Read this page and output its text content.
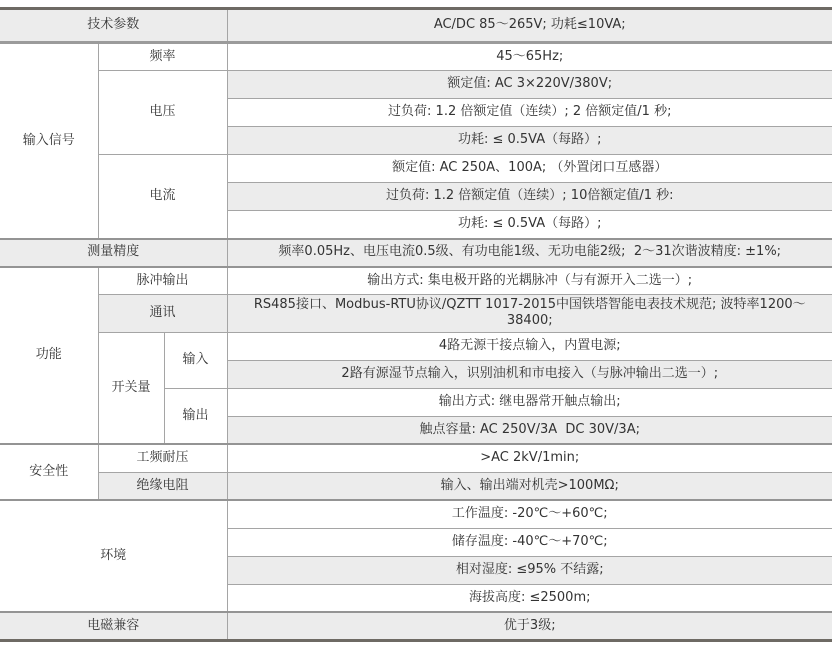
技术参数			AC/DC 85～265V; 功耗≤10VA;
输入信号	频率		45～65Hz;
	电压		额定值: AC 3×220V/380V;
			过负荷: 1.2 倍额定值（连续）; 2 倍额定值/1 秒;
			功耗: ≤ 0.5VA（每路）;
	电流		额定值: AC 250A、100A; （外置闭口互感器）
			过负荷: 1.2 倍额定值（连续）; 10倍额定值/1 秒:
			功耗: ≤ 0.5VA（每路）;
测量精度			频率0.05Hz、电压电流0.5级、有功电能1级、无功电能2级;  2～31次谐波精度: ±1%;
功能	脉冲输出		输出方式: 集电极开路的光耦脉冲（与有源开入二选一）;
	通讯		RS485接口、Modbus-RTU协议/QZTT 1017-2015中国铁塔智能电表技术规范; 波特率1200～38400;
	开关量	输入	4路无源干接点输入，内置电源;
			2路有源湿节点输入，识别油机和市电接入（与脉冲输出二选一）;
		输出	输出方式: 继电器常开触点输出;
			触点容量: AC 250V/3A  DC 30V/3A;
安全性	工频耐压		>AC 2kV/1min;
	绝缘电阻		输入、输出端对机壳>100MΩ;
环境			工作温度: -20℃～+60℃;
			储存温度: -40℃～+70℃;
			相对湿度: ≤95% 不结露;
			海拔高度: ≤2500m;
电磁兼容			优于3级;
